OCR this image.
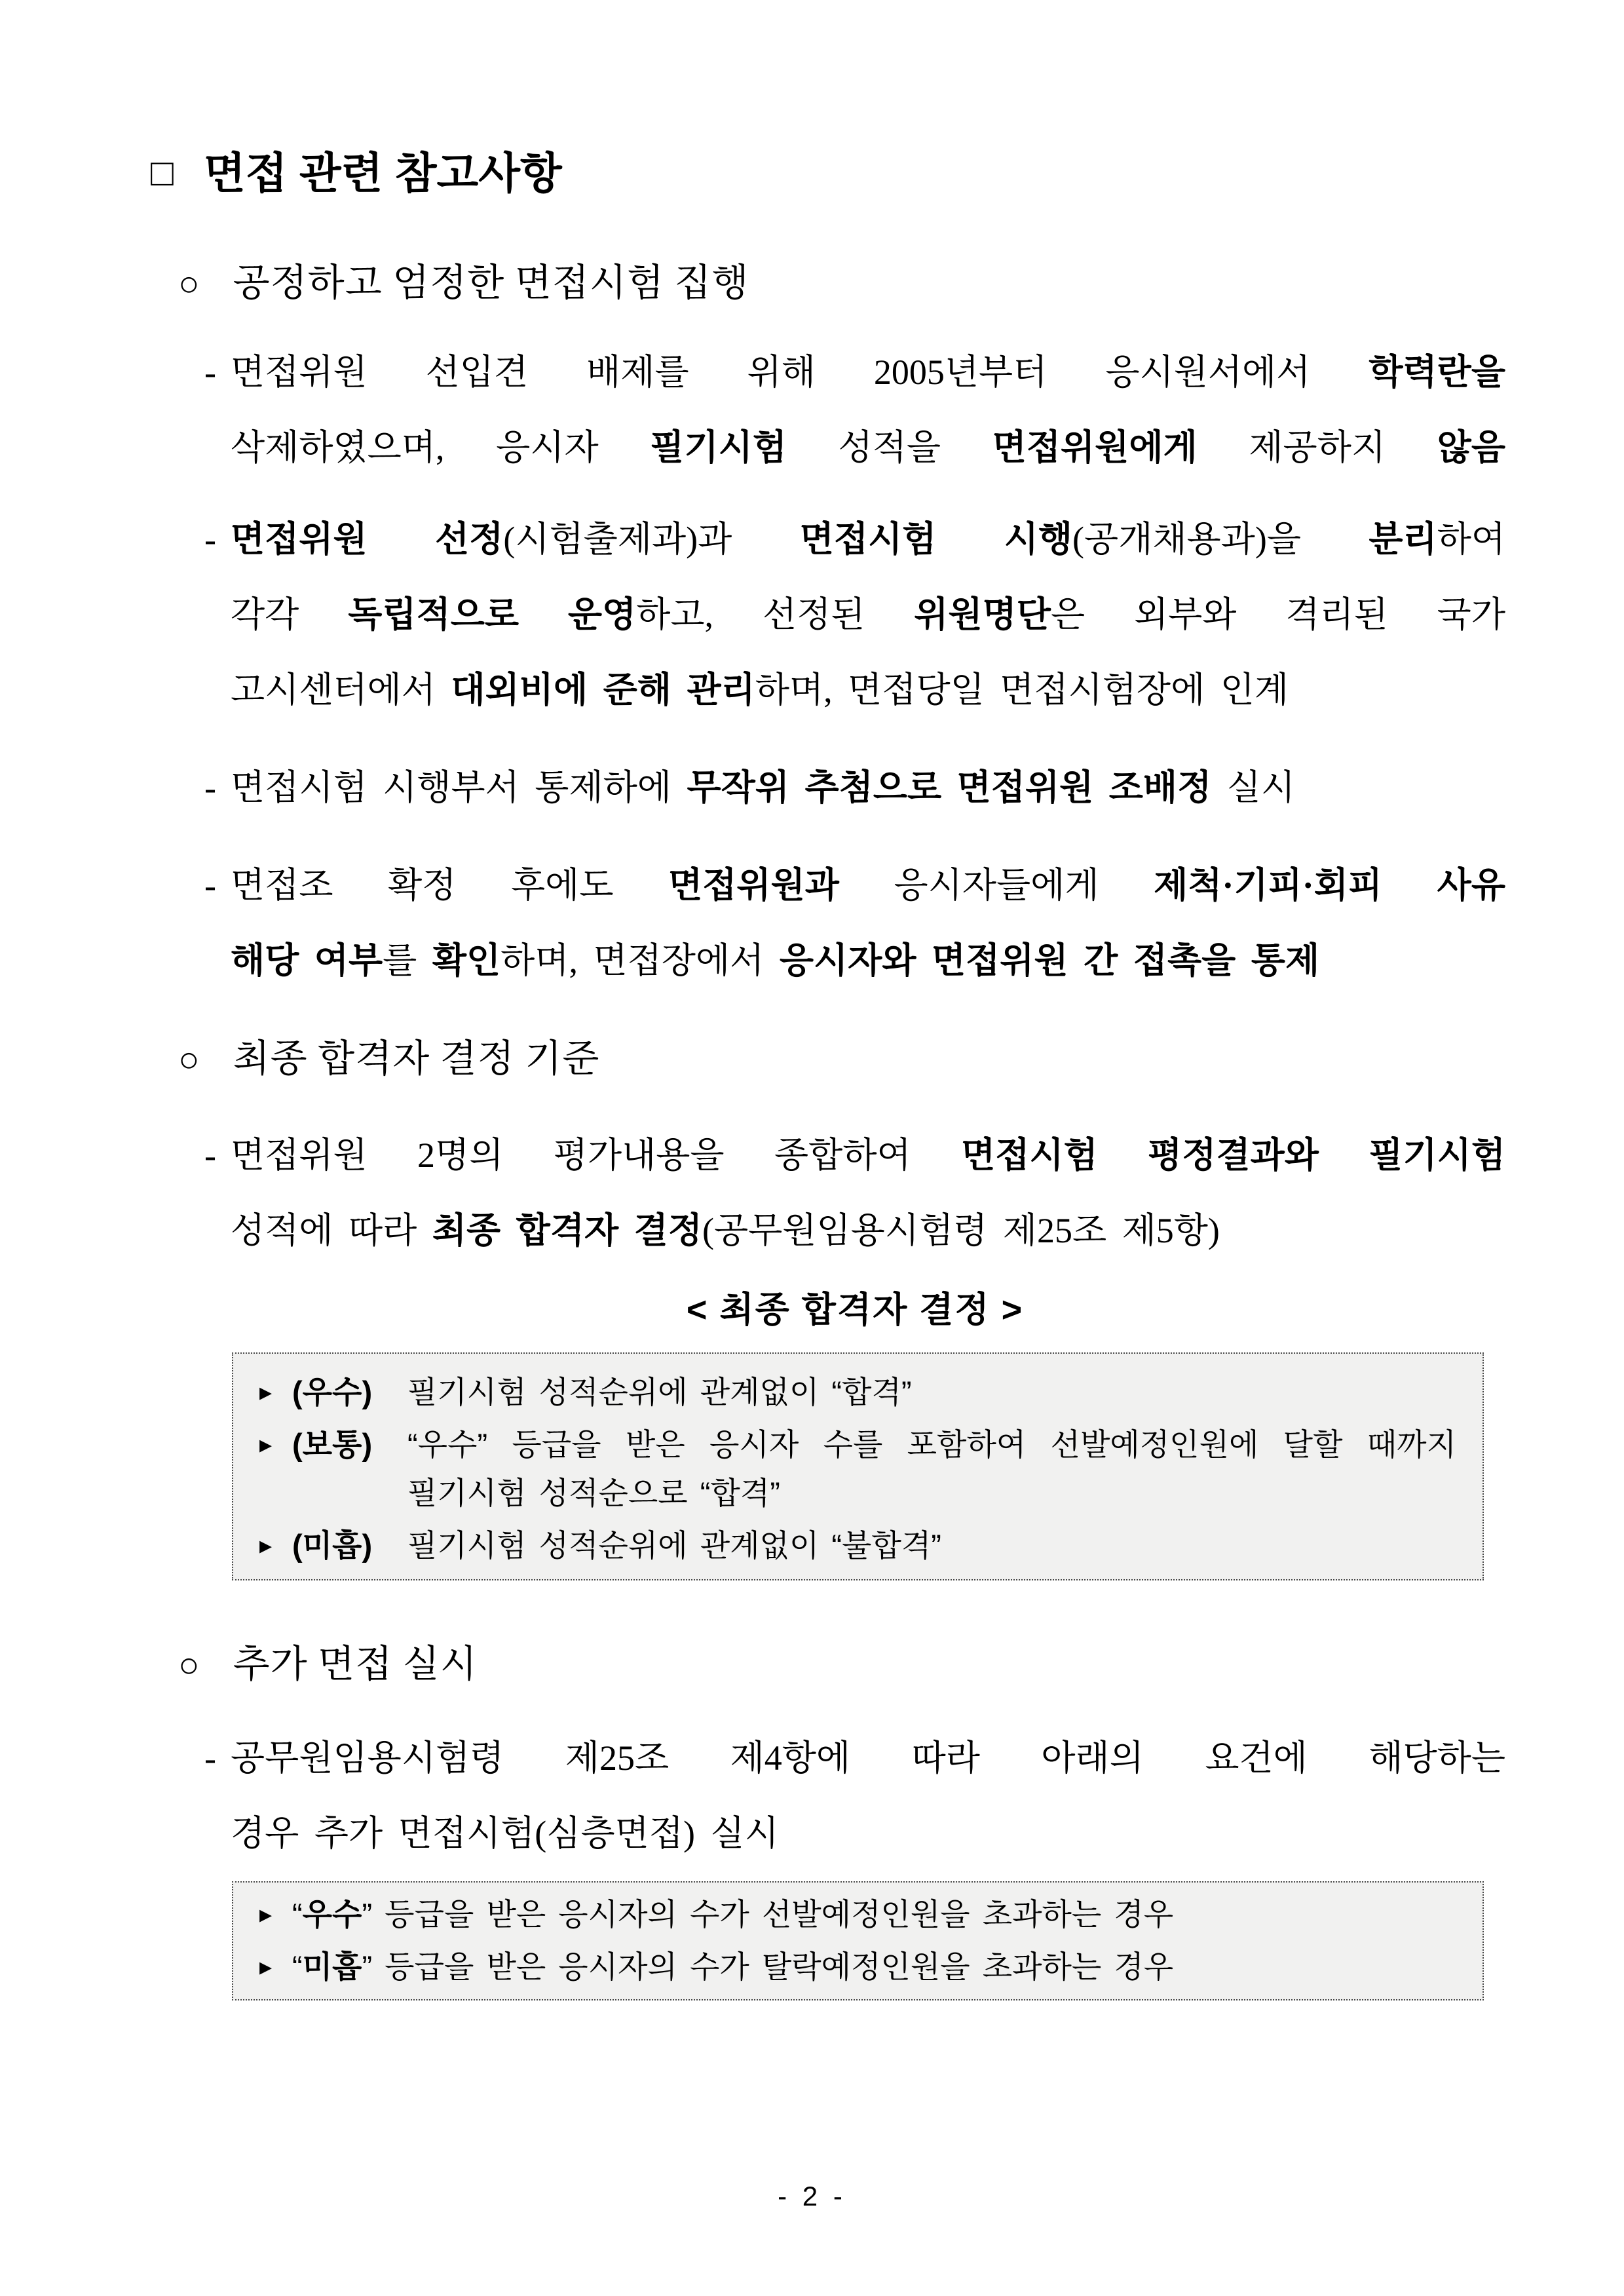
□ 면접 관련 참고사항
○ 공정하고 엄정한 면접시험 집행
- 면접위원 선입견 배제를 위해 2005년부터 응시원서에서 학력란을
삭제하였으며, 응시자 필기시험 성적을 면접위원에게 제공하지 않음
- 면접위원 선정(시험출제과)과 면접시험 시행(공개채용과)을 분리하여
각각 독립적으로 운영하고, 선정된 위원명단은 외부와 격리된 국가
고시센터에서 대외비에 준해 관리하며, 면접당일 면접시험장에 인계
- 면접시험 시행부서 통제하에 무작위 추첨으로 면접위원 조배정 실시
- 면접조 확정 후에도 면접위원과 응시자들에게 제척·기피·회피 사유
해당 여부를 확인하며, 면접장에서 응시자와 면접위원 간 접촉을 통제
○ 최종 합격자 결정 기준
- 면접위원 2명의 평가내용을 종합하여 면접시험 평정결과와 필기시험
성적에 따라 최종 합격자 결정(공무원임용시험령 제25조 제5항)
< 최종 합격자 결정 >
▸ (우수)	필기시험 성적순위에 관계없이 “합격”
▸ (보통)	“우수” 등급을 받은 응시자 수를 포함하여 선발예정인원에 달할 때까지
필기시험 성적순으로 “합격”
▸ (미흡)	필기시험 성적순위에 관계없이 “불합격”
○ 추가 면접 실시
- 공무원임용시험령 제25조 제4항에 따라 아래의 요건에 해당하는
경우 추가 면접시험(심층면접) 실시
▸ “우수” 등급을 받은 응시자의 수가 선발예정인원을 초과하는 경우
▸ “미흡” 등급을 받은 응시자의 수가 탈락예정인원을 초과하는 경우
- 2 -
